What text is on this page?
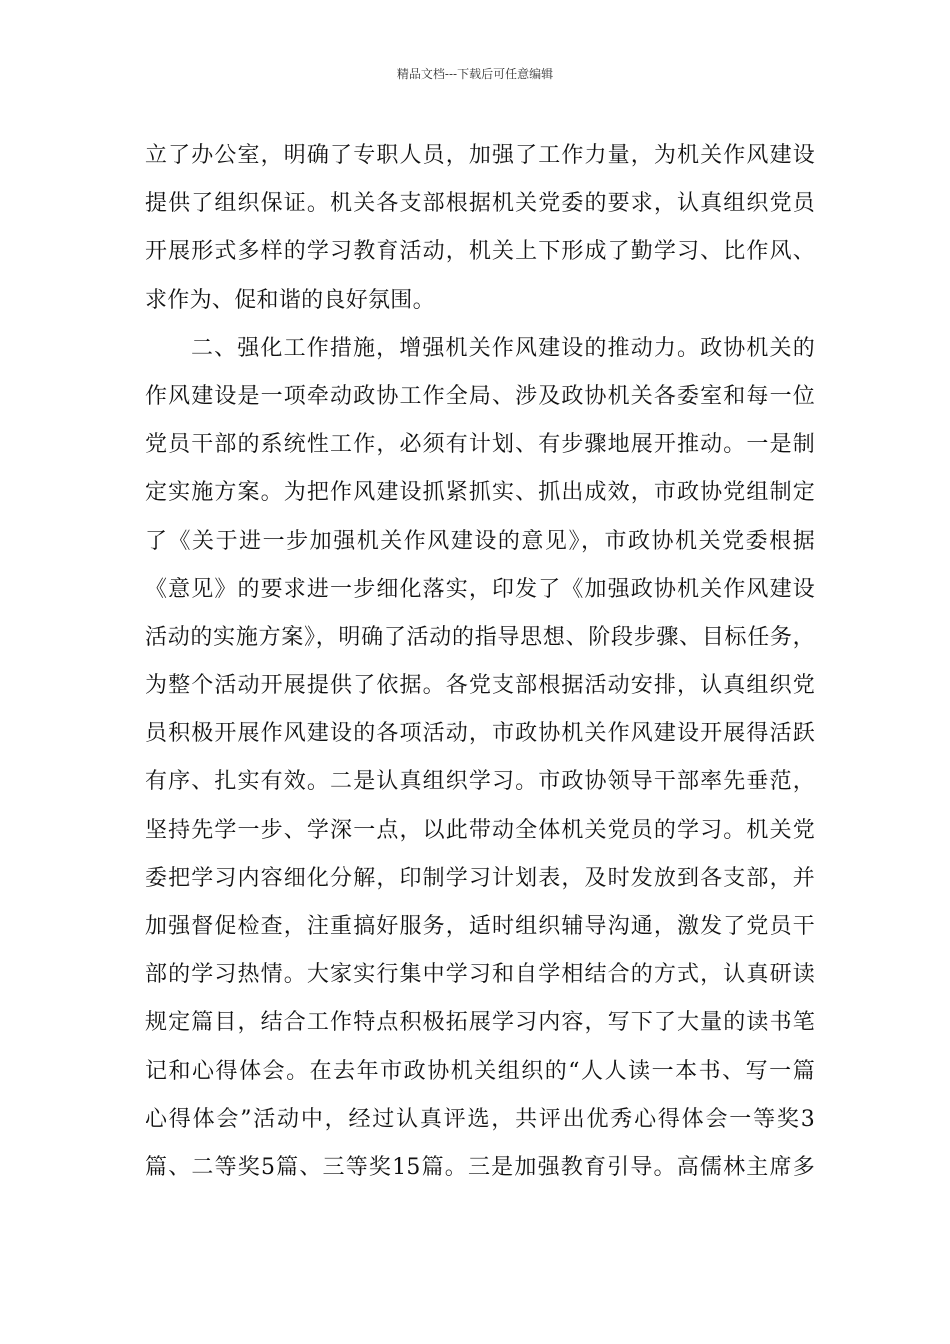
精品文档---下载后可任意编辑
立了办公室，明确了专职人员，加强了工作力量，为机关作风建设
提供了组织保证。机关各支部根据机关党委的要求，认真组织党员
开展形式多样的学习教育活动，机关上下形成了勤学习、比作风、
求作为、促和谐的良好氛围。
二、强化工作措施，增强机关作风建设的推动力。政协机关的
作风建设是一项牵动政协工作全局、涉及政协机关各委室和每一位
党员干部的系统性工作，必须有计划、有步骤地展开推动。一是制
定实施方案。为把作风建设抓紧抓实、抓出成效，市政协党组制定
了《关于进一步加强机关作风建设的意见》，市政协机关党委根据
《意见》的要求进一步细化落实，印发了《加强政协机关作风建设
活动的实施方案》，明确了活动的指导思想、阶段步骤、目标任务，
为整个活动开展提供了依据。各党支部根据活动安排，认真组织党
员积极开展作风建设的各项活动，市政协机关作风建设开展得活跃
有序、扎实有效。二是认真组织学习。市政协领导干部率先垂范，
坚持先学一步、学深一点，以此带动全体机关党员的学习。机关党
委把学习内容细化分解，印制学习计划表，及时发放到各支部，并
加强督促检查，注重搞好服务，适时组织辅导沟通，激发了党员干
部的学习热情。大家实行集中学习和自学相结合的方式，认真研读
规定篇目，结合工作特点积极拓展学习内容，写下了大量的读书笔
记和心得体会。在去年市政协机关组织的“人人读一本书、写一篇
心得体会”活动中，经过认真评选，共评出优秀心得体会一等奖3
篇、二等奖5篇、三等奖15篇。三是加强教育引导。高儒林主席多
